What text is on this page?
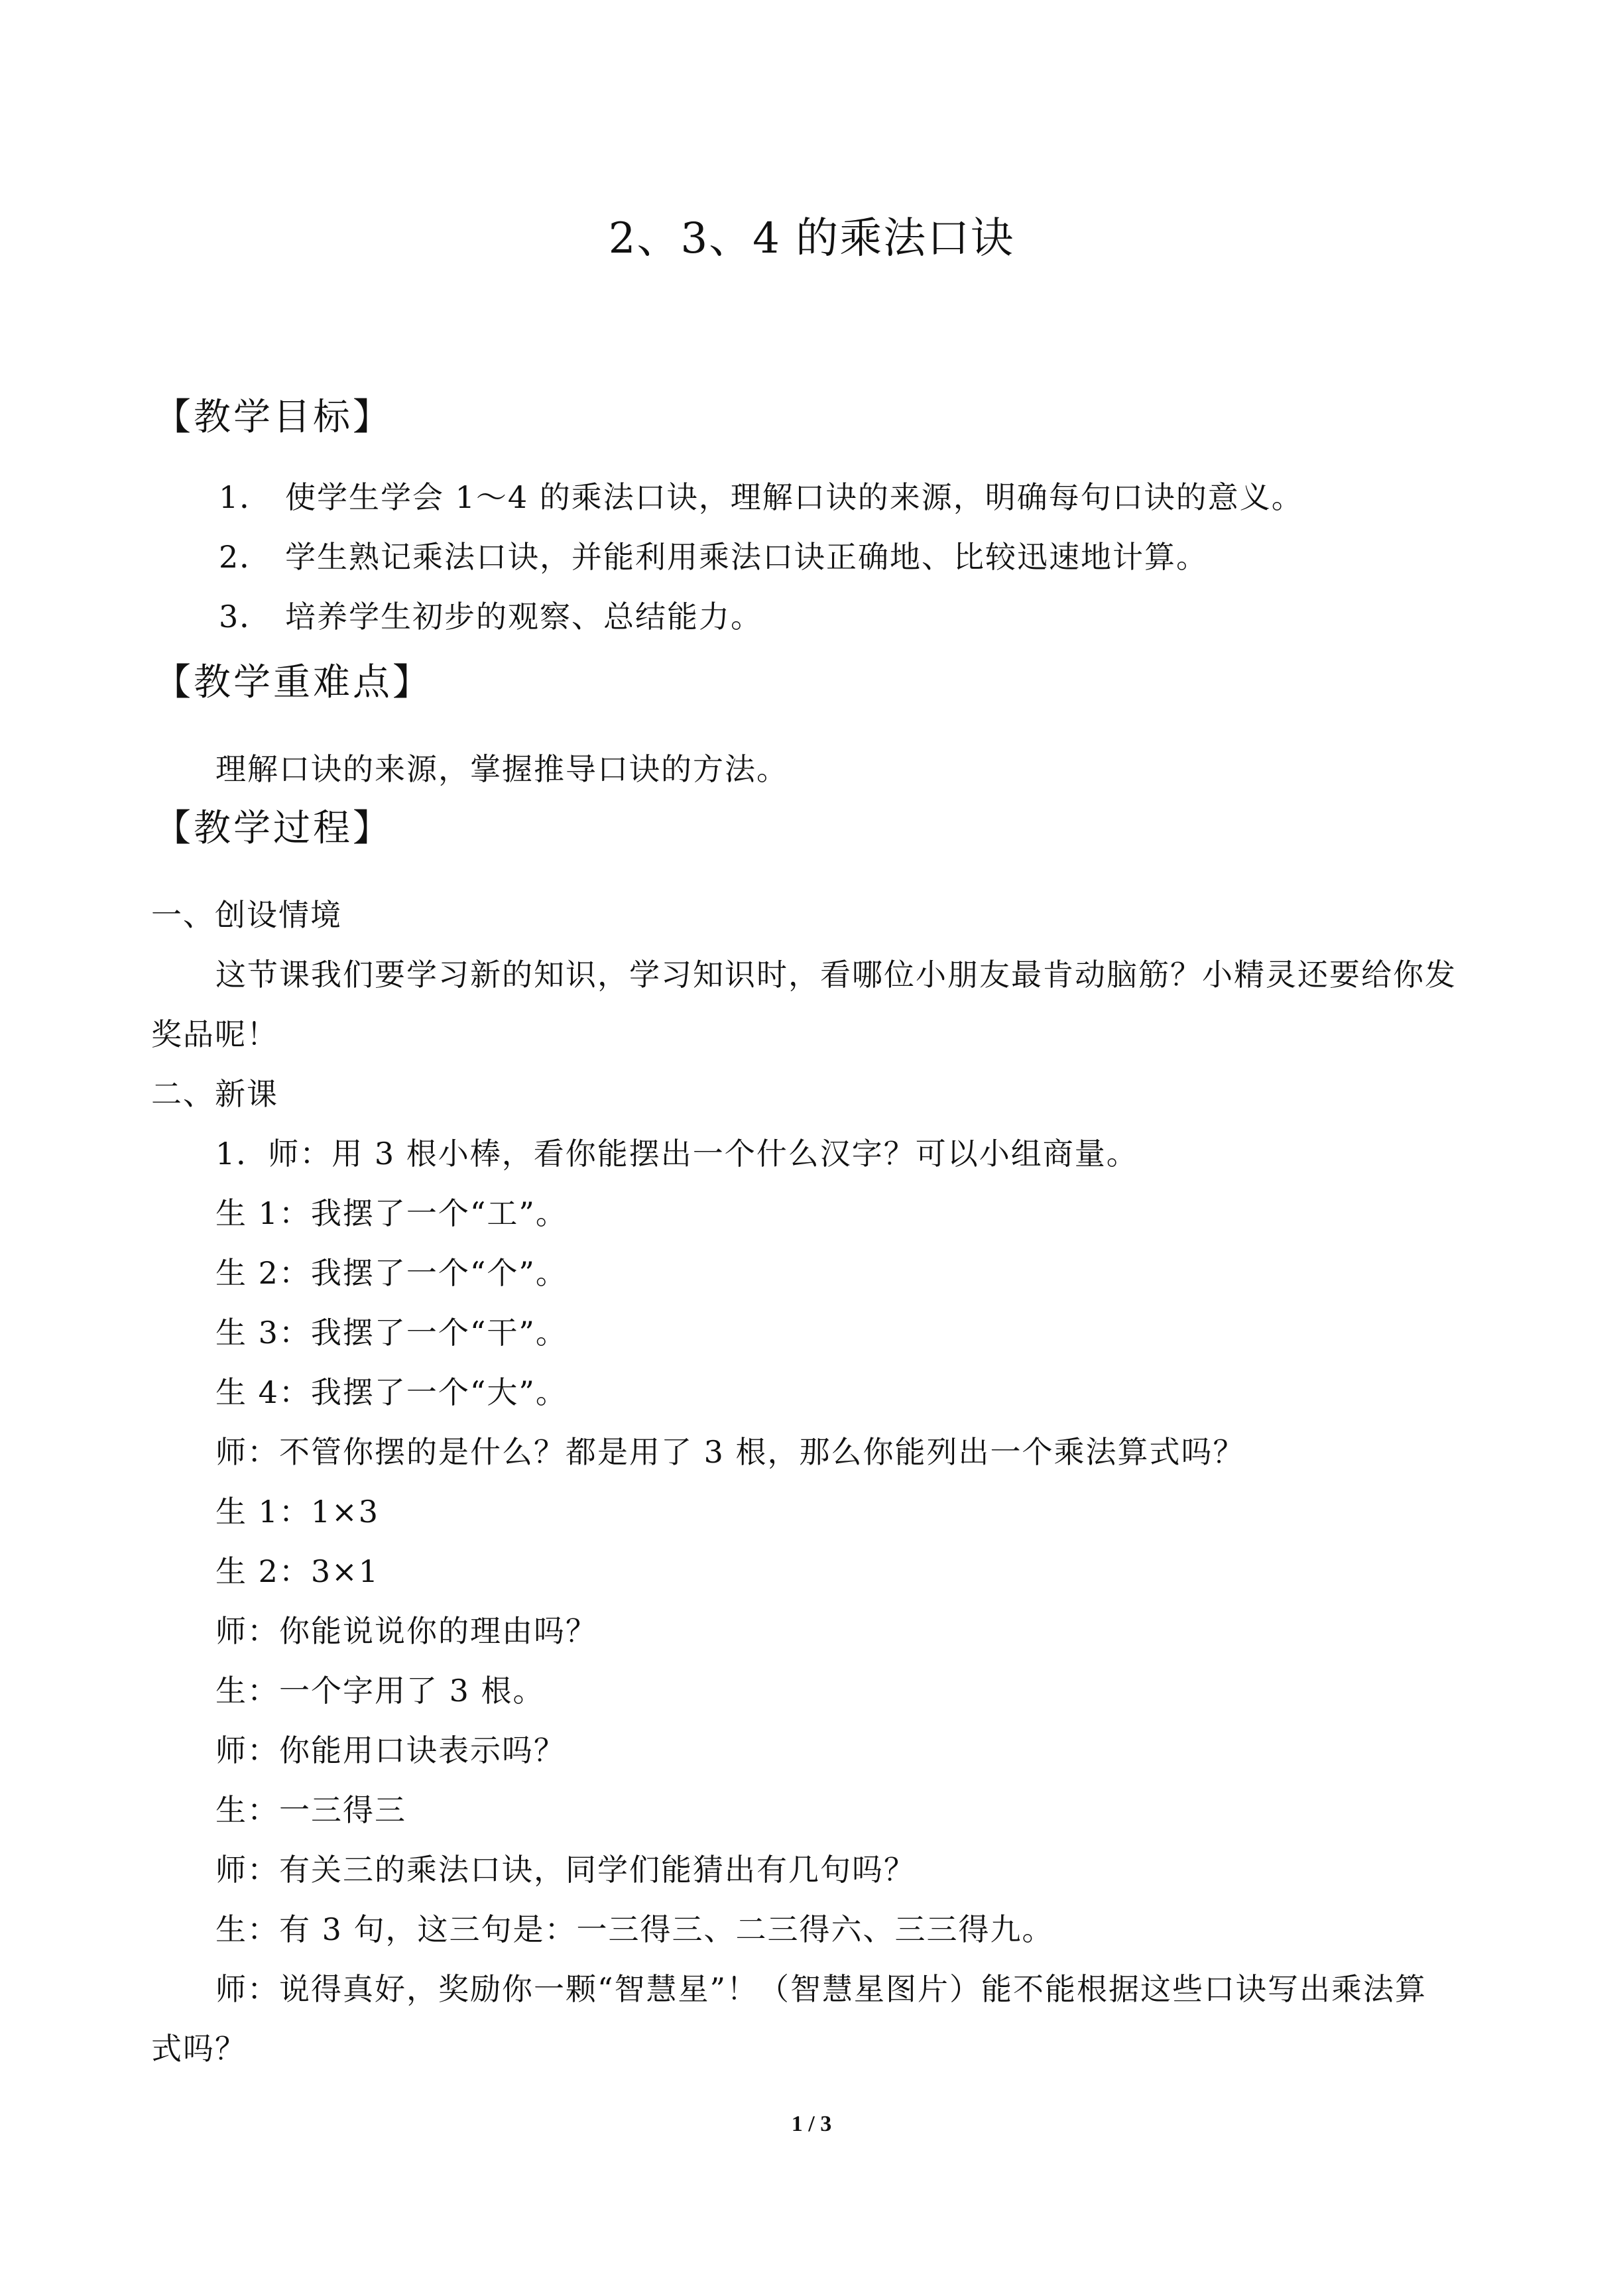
2、3、4 的乘法口诀
【教学目标】
1． 使学生学会 1～4 的乘法口诀，理解口诀的来源，明确每句口诀的意义。
2． 学生熟记乘法口诀，并能利用乘法口诀正确地、比较迅速地计算。
3． 培养学生初步的观察、总结能力。
【教学重难点】
理解口诀的来源，掌握推导口诀的方法。
【教学过程】
一、创设情境
这节课我们要学习新的知识，学习知识时，看哪位小朋友最肯动脑筋？小精灵还要给你发
奖品呢！
二、新课
1．师：用 3 根小棒，看你能摆出一个什么汉字？可以小组商量。
生 1：我摆了一个“工”。
生 2：我摆了一个“个”。
生 3：我摆了一个“干”。
生 4：我摆了一个“大”。
师：不管你摆的是什么？都是用了 3 根，那么你能列出一个乘法算式吗？
生 1：1×3
生 2：3×1
师：你能说说你的理由吗？
生：一个字用了 3 根。
师：你能用口诀表示吗？
生：一三得三
师：有关三的乘法口诀，同学们能猜出有几句吗？
生：有 3 句，这三句是：一三得三、二三得六、三三得九。
师：说得真好，奖励你一颗“智慧星”！（智慧星图片）能不能根据这些口诀写出乘法算
式吗？
1 / 3
